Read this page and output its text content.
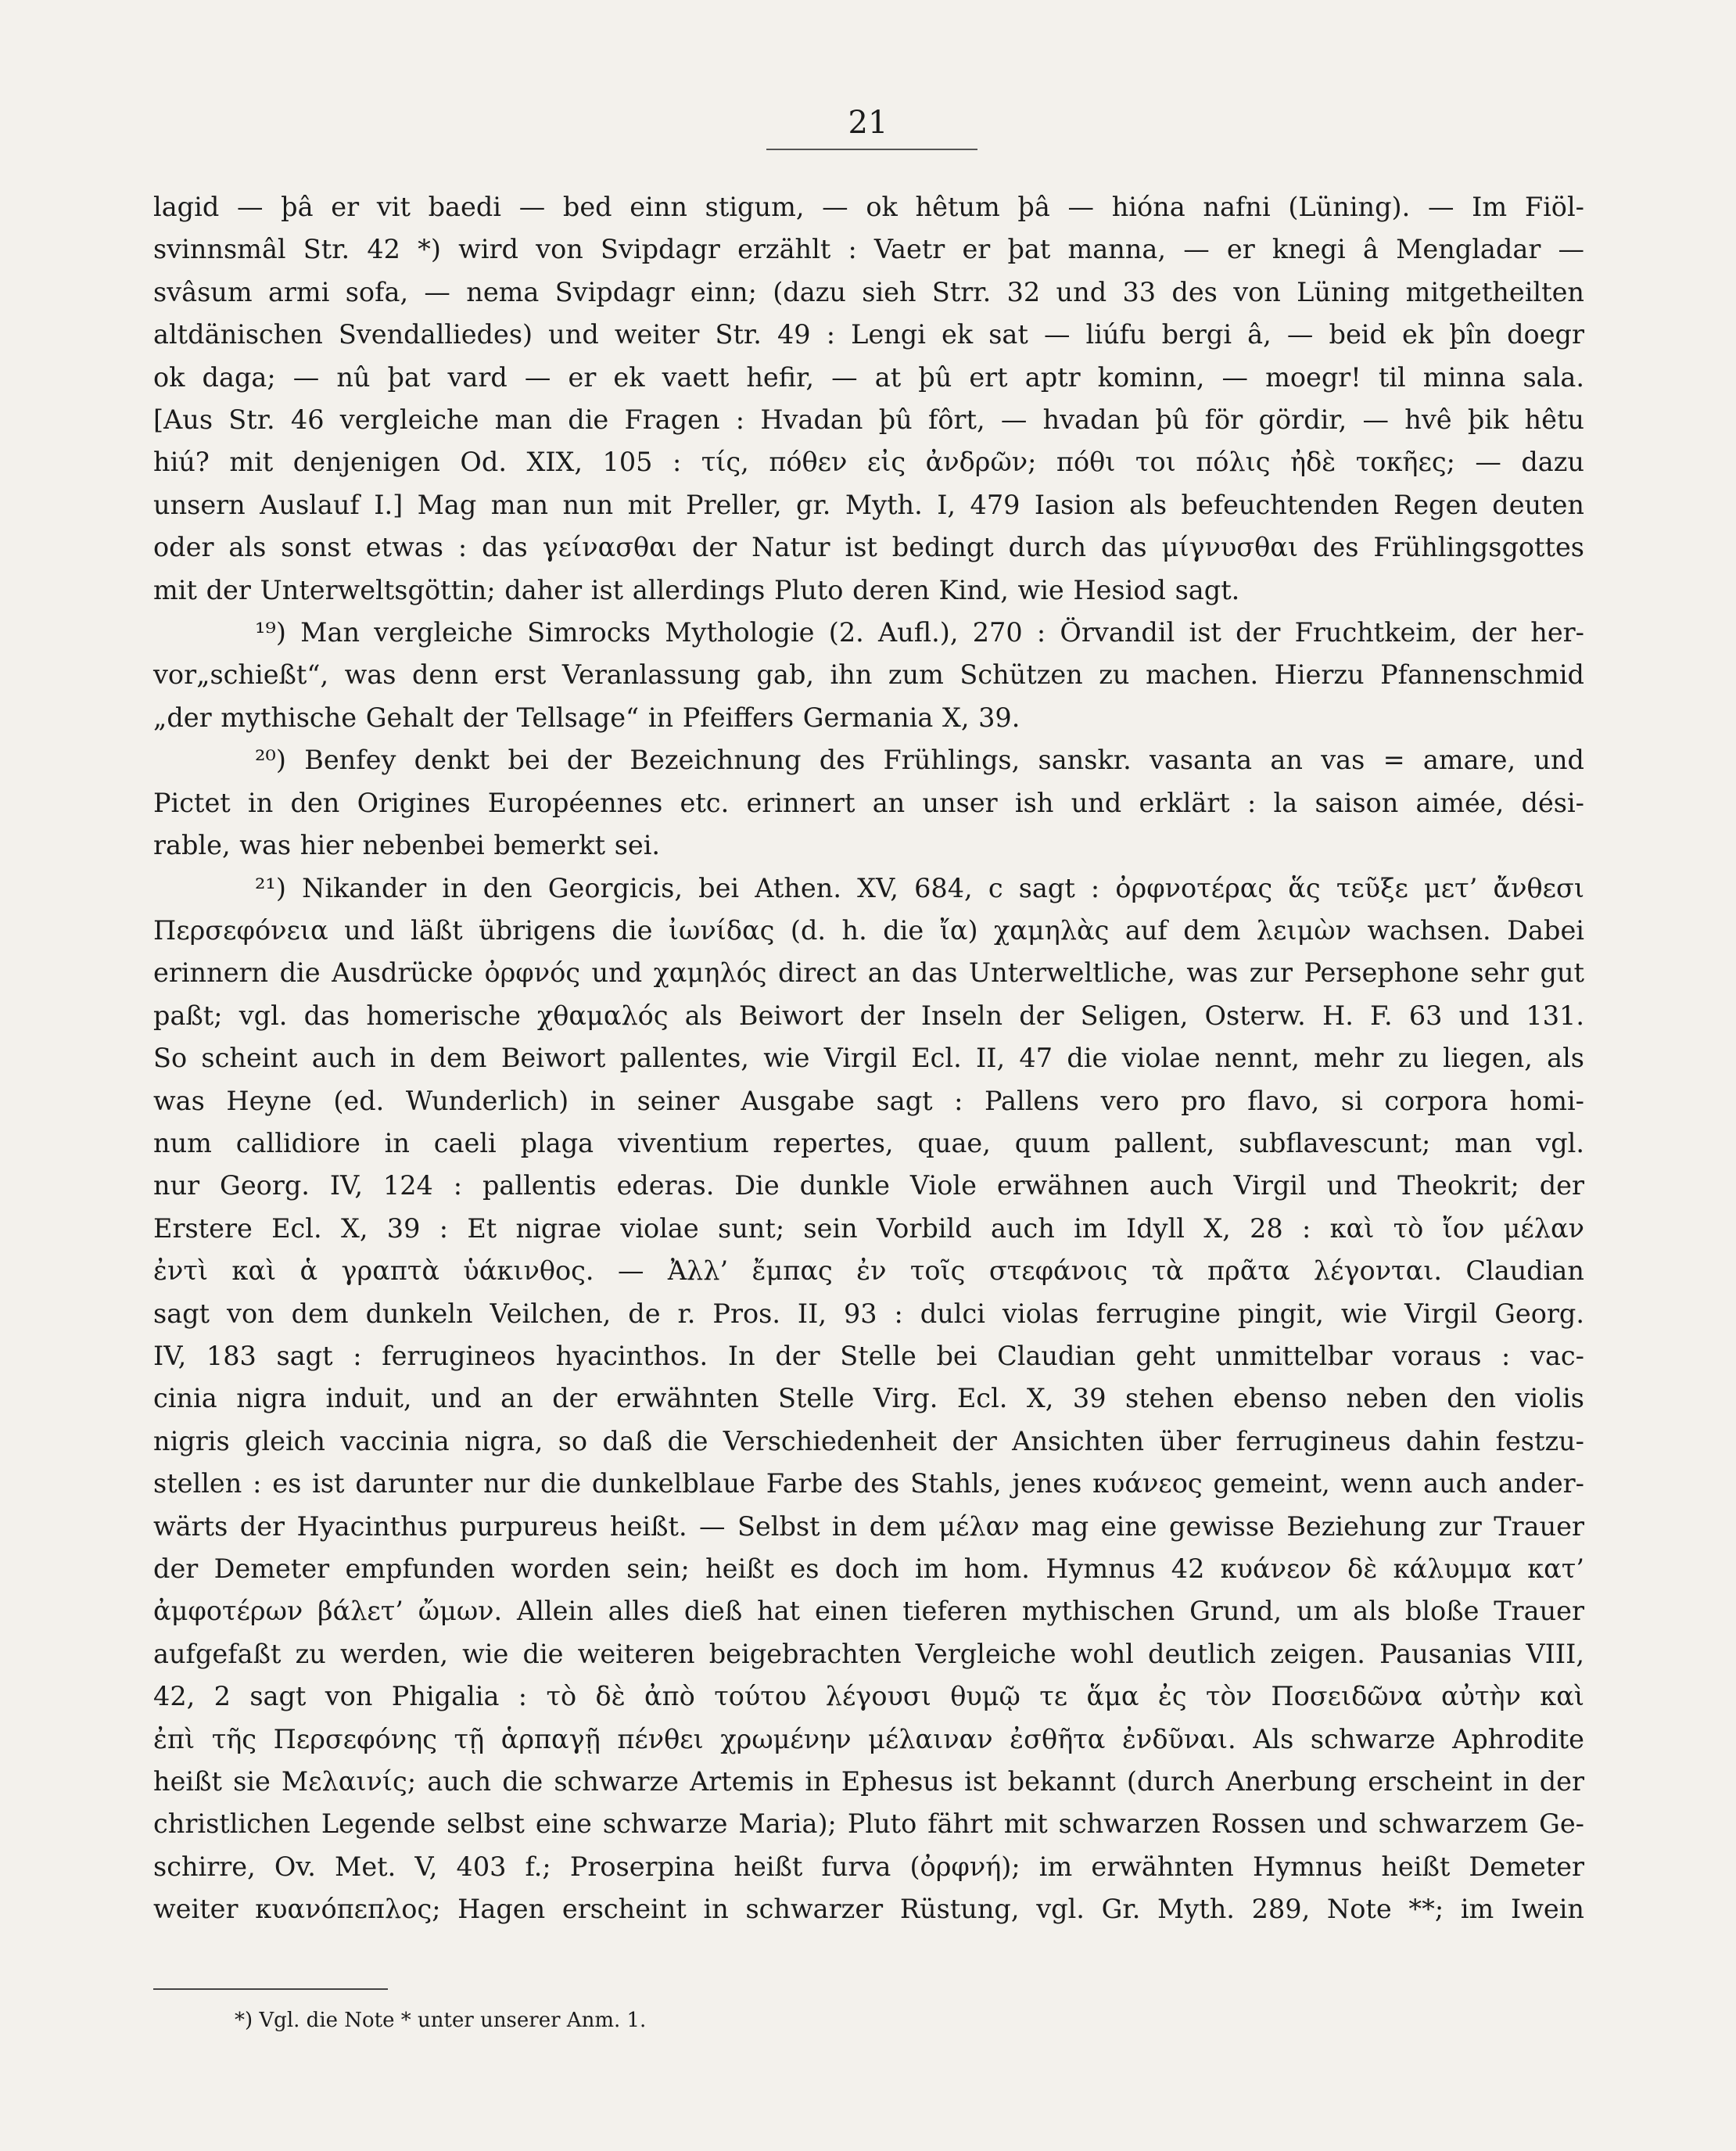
21

lagid — þâ er vit baedi — bed einn stigum, — ok hêtum þâ — hióna nafni (Lüning). — Im Fiöl-

svinnsmâl Str. 42 *) wird von Svipdagr erzählt : Vaetr er þat manna, — er knegi â Mengladar —

svâsum armi sofa, — nema Svipdagr einn; (dazu sieh Strr. 32 und 33 des von Lüning mitgetheilten

altdänischen Svendalliedes) und weiter Str. 49 : Lengi ek sat — liúfu bergi â, — beid ek þîn doegr

ok daga; — nû þat vard — er ek vaett hefir, — at þû ert aptr kominn, — moegr! til minna sala.

[Aus Str. 46 vergleiche man die Fragen : Hvadan þû fôrt, — hvadan þû för gördir, — hvê þik hêtu

hiú? mit denjenigen Od. XIX, 105 : τίς, πόθεν εἰς ἀνδρῶν; πόθι τοι πόλις ἠδὲ τοκῆες; — dazu

unsern Auslauf I.] Mag man nun mit Preller, gr. Myth. I, 479 Iasion als befeuchtenden Regen deuten

oder als sonst etwas : das γείνασθαι der Natur ist bedingt durch das μίγνυσθαι des Frühlingsgottes

mit der Unterweltsgöttin; daher ist allerdings Pluto deren Kind, wie Hesiod sagt.

¹⁹) Man vergleiche Simrocks Mythologie (2. Aufl.), 270 : Örvandil ist der Fruchtkeim, der her-

vor„schießt“, was denn erst Veranlassung gab, ihn zum Schützen zu machen. Hierzu Pfannenschmid

„der mythische Gehalt der Tellsage“ in Pfeiffers Germania X, 39.

²⁰) Benfey denkt bei der Bezeichnung des Frühlings, sanskr. vasanta an vas = amare, und

Pictet in den Origines Européennes etc. erinnert an unser ish und erklärt : la saison aimée, dési-

rable, was hier nebenbei bemerkt sei.

²¹) Nikander in den Georgicis, bei Athen. XV, 684, c sagt : ὀρφνοτέρας ἅς τεῦξε μετ’ ἄνθεσι

Περσεφόνεια und läßt übrigens die ἰωνίδας (d. h. die ἴα) χαμηλὰς auf dem λειμὼν wachsen. Dabei

erinnern die Ausdrücke ὀρφνός und χαμηλός direct an das Unterweltliche, was zur Persephone sehr gut

paßt; vgl. das homerische χθαμαλός als Beiwort der Inseln der Seligen, Osterw. H. F. 63 und 131.

So scheint auch in dem Beiwort pallentes, wie Virgil Ecl. II, 47 die violae nennt, mehr zu liegen, als

was Heyne (ed. Wunderlich) in seiner Ausgabe sagt : Pallens vero pro flavo, si corpora homi-

num callidiore in caeli plaga viventium repertes, quae, quum pallent, subflavescunt; man vgl.

nur Georg. IV, 124 : pallentis ederas. Die dunkle Viole erwähnen auch Virgil und Theokrit; der

Erstere Ecl. X, 39 : Et nigrae violae sunt; sein Vorbild auch im Idyll X, 28 : καὶ τὸ ἴον μέλαν

ἐντὶ καὶ ἁ γραπτὰ ὑάκινθος. — Ἀλλ’ ἔμπας ἐν τοῖς στεφάνοις τὰ πρᾶτα λέγονται. Claudian

sagt von dem dunkeln Veilchen, de r. Pros. II, 93 : dulci violas ferrugine pingit, wie Virgil Georg.

IV, 183 sagt : ferrugineos hyacinthos. In der Stelle bei Claudian geht unmittelbar voraus : vac-

cinia nigra induit, und an der erwähnten Stelle Virg. Ecl. X, 39 stehen ebenso neben den violis

nigris gleich vaccinia nigra, so daß die Verschiedenheit der Ansichten über ferrugineus dahin festzu-

stellen : es ist darunter nur die dunkelblaue Farbe des Stahls, jenes κυάνεος gemeint, wenn auch ander-

wärts der Hyacinthus purpureus heißt. — Selbst in dem μέλαν mag eine gewisse Beziehung zur Trauer

der Demeter empfunden worden sein; heißt es doch im hom. Hymnus 42 κυάνεον δὲ κάλυμμα κατ’

ἀμφοτέρων βάλετ’ ὤμων. Allein alles dieß hat einen tieferen mythischen Grund, um als bloße Trauer

aufgefaßt zu werden, wie die weiteren beigebrachten Vergleiche wohl deutlich zeigen. Pausanias VIII,

42, 2 sagt von Phigalia : τὸ δὲ ἀπὸ τούτου λέγουσι θυμῷ τε ἅμα ἐς τὸν Ποσειδῶνα αὐτὴν καὶ

ἐπὶ τῆς Περσεφόνης τῇ ἁρπαγῇ πένθει χρωμένην μέλαιναν ἐσθῆτα ἐνδῦναι. Als schwarze Aphrodite

heißt sie Μελαινίς; auch die schwarze Artemis in Ephesus ist bekannt (durch Anerbung erscheint in der

christlichen Legende selbst eine schwarze Maria); Pluto fährt mit schwarzen Rossen und schwarzem Ge-

schirre, Ov. Met. V, 403 f.; Proserpina heißt furva (ὀρφνή); im erwähnten Hymnus heißt Demeter

weiter κυανόπεπλος; Hagen erscheint in schwarzer Rüstung, vgl. Gr. Myth. 289, Note **; im Iwein

*) Vgl. die Note * unter unserer Anm. 1.
